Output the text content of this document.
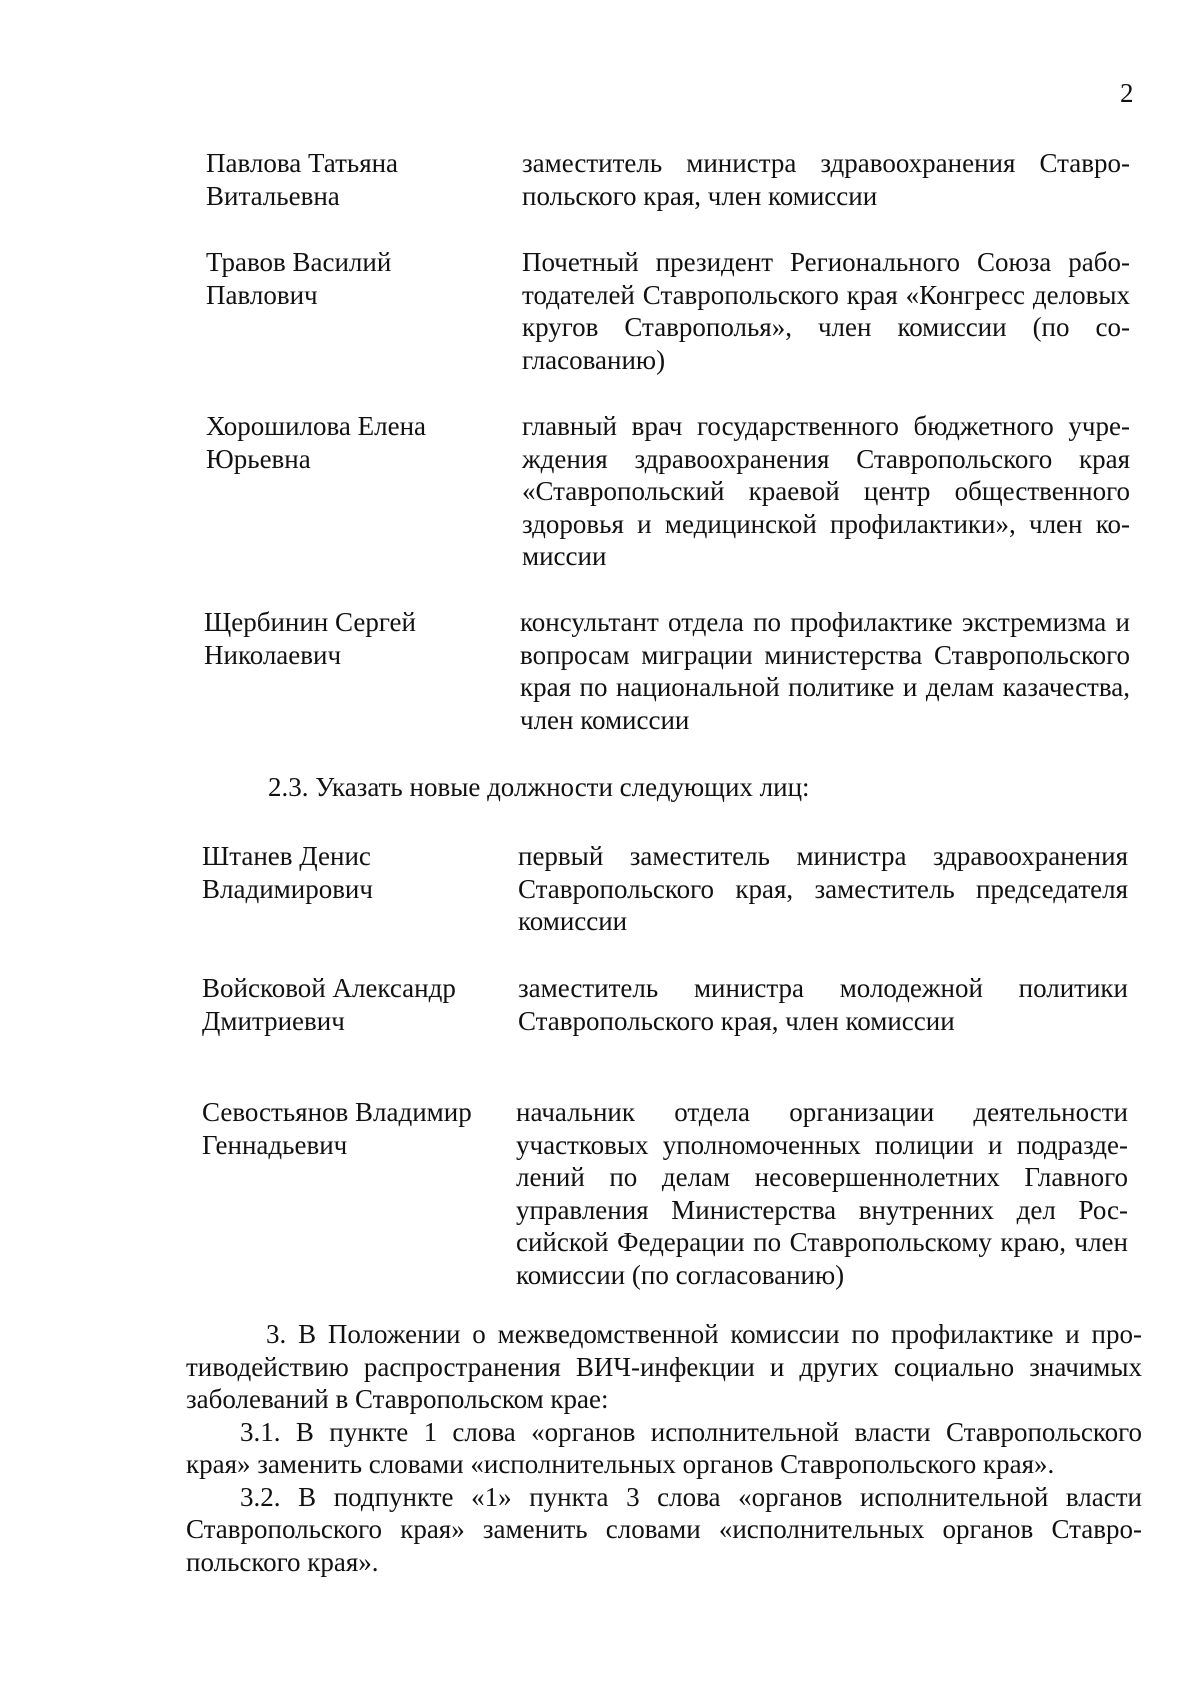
2
Павлова Татьяна
Витальевна
заместитель министра здравоохранения Ставропольского края, член комиссии
Травов Василий
Павлович
Почетный президент Регионального Союза работодателей Ставропольского края «Конгресс деловых кругов Ставрополья», член комиссии (по согласованию)
Хорошилова Елена
Юрьевна
главный врач государственного бюджетного учреждения здравоохранения Ставропольского края «Ставропольский краевой центр общественного здоровья и медицинской профилактики», член комиссии
Щербинин Сергей
Николаевич
консультант отдела по профилактике экстремизма и вопросам миграции министерства Ставропольского края по национальной политике и делам казачества, член комиссии
2.3. Указать новые должности следующих лиц:
Штанев Денис
Владимирович
первый заместитель министра здравоохранения Ставропольского края, заместитель председателя комиссии
Войсковой Александр
Дмитриевич
заместитель министра молодежной политики Ставропольского края, член комиссии
Севостьянов Владимир
Геннадьевич
начальник отдела организации деятельности участковых уполномоченных полиции и подразделений по делам несовершеннолетних Главного управления Министерства внутренних дел Российской Федерации по Ставропольскому краю, член комиссии (по согласованию)

3. В Положении о межведомственной комиссии по профилактике и противодействию распространения ВИЧ-инфекции и других социально значимых заболеваний в Ставропольском крае:

3.1. В пункте 1 слова «органов исполнительной власти Ставропольского края» заменить словами «исполнительных органов Ставропольского края».

3.2. В подпункте «1» пункта 3 слова «органов исполнительной власти Ставропольского края» заменить словами «исполнительных органов Ставропольского края».
